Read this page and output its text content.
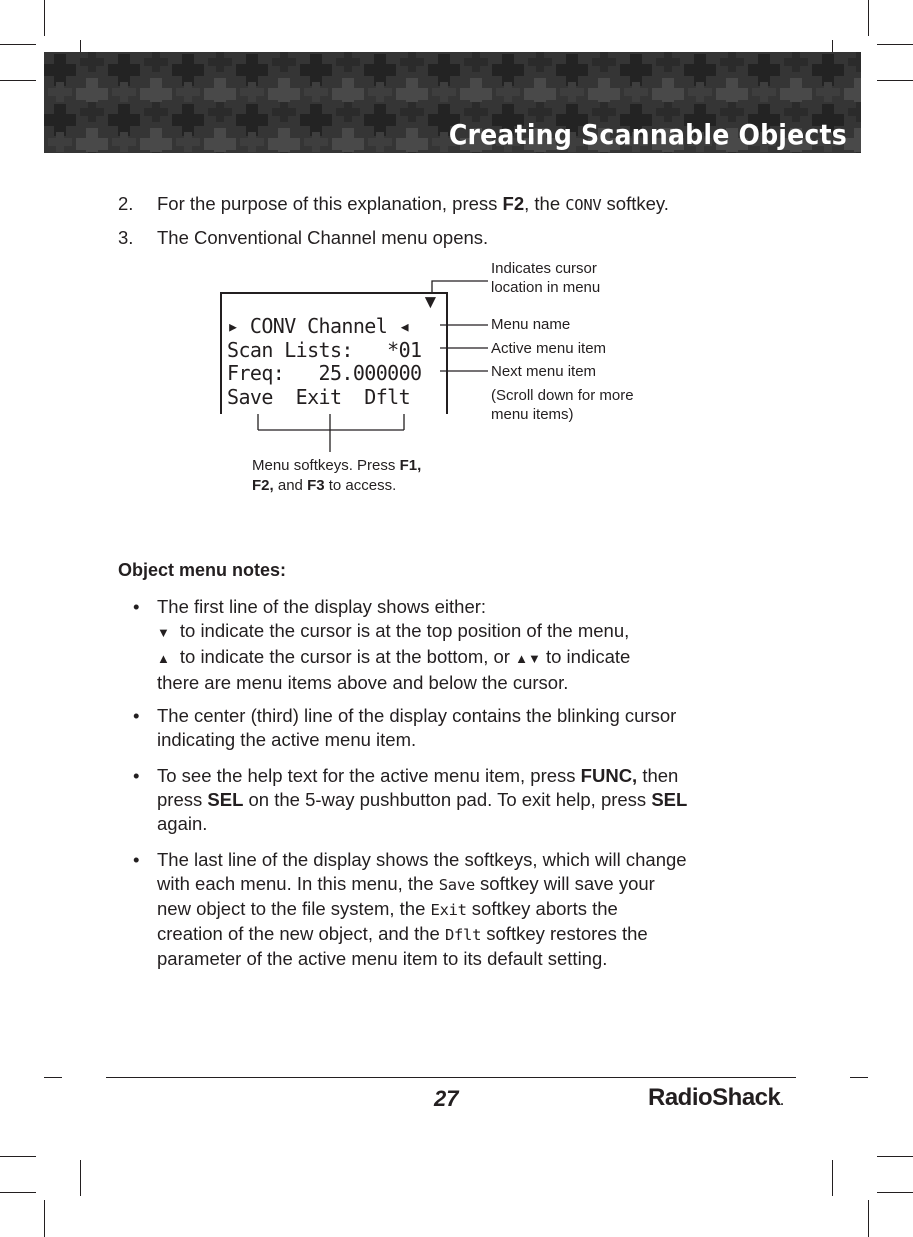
Creating Scannable Objects
2. For the purpose of this explanation, press F2, the CONV softkey.
3. The Conventional Channel menu opens.
▼
▸ CONV Channel ◂
Scan Lists:   *01
Freq:   25.000000
Save  Exit  Dflt
Indicates cursor
location in menu
Menu name
Active menu item
Next menu item
(Scroll down for more
menu items)
Menu softkeys. Press F1,
F2, and F3 to access.
Object menu notes:
• The first line of the display shows either:
▼ to indicate the cursor is at the top position of the menu,
▲ to indicate the cursor is at the bottom, or ▲▼ to indicate
there are menu items above and below the cursor.
• The center (third) line of the display contains the blinking cursor
indicating the active menu item.
• To see the help text for the active menu item, press FUNC, then
press SEL on the 5-way pushbutton pad. To exit help, press SEL
again.
• The last line of the display shows the softkeys, which will change
with each menu. In this menu, the Save softkey will save your
new object to the file system, the Exit softkey aborts the
creation of the new object, and the Dflt softkey restores the
parameter of the active menu item to its default setting.
27	RadioShack.
